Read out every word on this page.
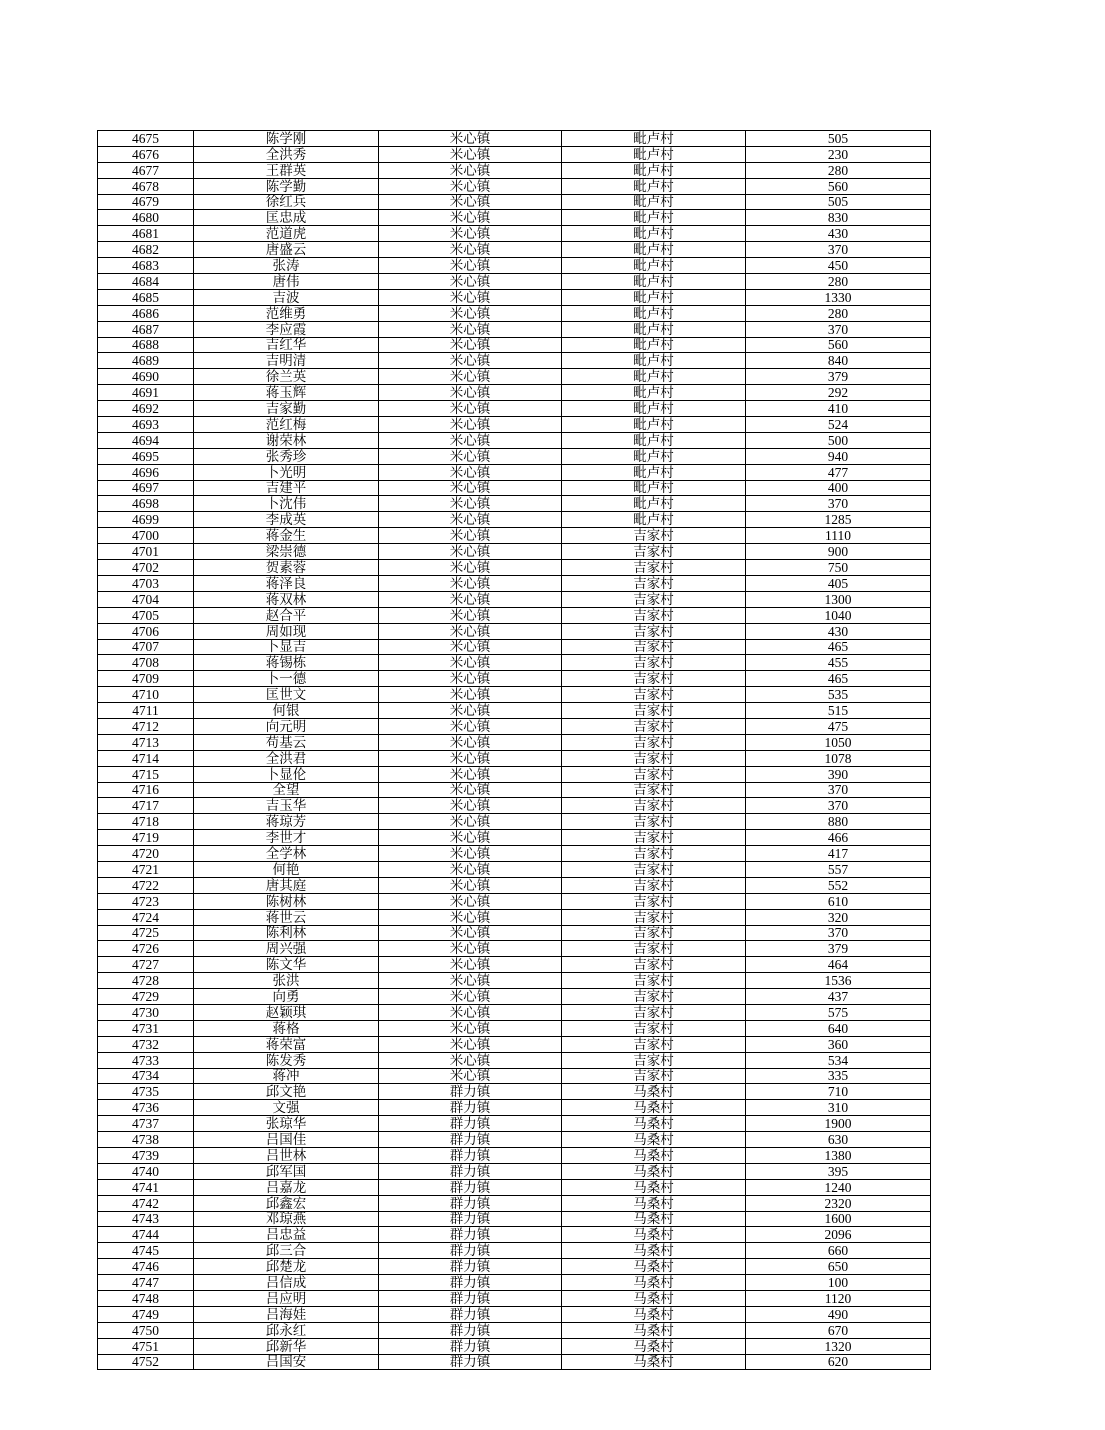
4675	陈学刚	米心镇	毗卢村	505
4676	全洪秀	米心镇	毗卢村	230
4677	王群英	米心镇	毗卢村	280
4678	陈学勤	米心镇	毗卢村	560
4679	徐红兵	米心镇	毗卢村	505
4680	匡忠成	米心镇	毗卢村	830
4681	范道虎	米心镇	毗卢村	430
4682	唐盛云	米心镇	毗卢村	370
4683	张涛	米心镇	毗卢村	450
4684	唐伟	米心镇	毗卢村	280
4685	吉波	米心镇	毗卢村	1330
4686	范维勇	米心镇	毗卢村	280
4687	李应霞	米心镇	毗卢村	370
4688	吉红华	米心镇	毗卢村	560
4689	吉明清	米心镇	毗卢村	840
4690	徐兰英	米心镇	毗卢村	379
4691	蒋玉辉	米心镇	毗卢村	292
4692	吉家勤	米心镇	毗卢村	410
4693	范红梅	米心镇	毗卢村	524
4694	谢荣林	米心镇	毗卢村	500
4695	张秀珍	米心镇	毗卢村	940
4696	卜光明	米心镇	毗卢村	477
4697	吉建平	米心镇	毗卢村	400
4698	卜沈伟	米心镇	毗卢村	370
4699	李成英	米心镇	毗卢村	1285
4700	蒋金生	米心镇	吉家村	1110
4701	梁崇德	米心镇	吉家村	900
4702	贺素蓉	米心镇	吉家村	750
4703	蒋泽良	米心镇	吉家村	405
4704	蒋双林	米心镇	吉家村	1300
4705	赵合平	米心镇	吉家村	1040
4706	周如现	米心镇	吉家村	430
4707	卜显吉	米心镇	吉家村	465
4708	蒋锡栋	米心镇	吉家村	455
4709	卜一德	米心镇	吉家村	465
4710	匡世文	米心镇	吉家村	535
4711	何银	米心镇	吉家村	515
4712	向元明	米心镇	吉家村	475
4713	苟基云	米心镇	吉家村	1050
4714	全洪君	米心镇	吉家村	1078
4715	卜显伦	米心镇	吉家村	390
4716	全望	米心镇	吉家村	370
4717	吉玉华	米心镇	吉家村	370
4718	蒋琼芳	米心镇	吉家村	880
4719	李世才	米心镇	吉家村	466
4720	全学林	米心镇	吉家村	417
4721	何艳	米心镇	吉家村	557
4722	唐其庭	米心镇	吉家村	552
4723	陈树林	米心镇	吉家村	610
4724	蒋世云	米心镇	吉家村	320
4725	陈利林	米心镇	吉家村	370
4726	周兴强	米心镇	吉家村	379
4727	陈文华	米心镇	吉家村	464
4728	张洪	米心镇	吉家村	1536
4729	向勇	米心镇	吉家村	437
4730	赵颖琪	米心镇	吉家村	575
4731	蒋格	米心镇	吉家村	640
4732	蒋荣富	米心镇	吉家村	360
4733	陈发秀	米心镇	吉家村	534
4734	蒋冲	米心镇	吉家村	335
4735	邱文艳	群力镇	马桑村	710
4736	文强	群力镇	马桑村	310
4737	张琼华	群力镇	马桑村	1900
4738	吕国佳	群力镇	马桑村	630
4739	吕世林	群力镇	马桑村	1380
4740	邱军国	群力镇	马桑村	395
4741	吕嘉龙	群力镇	马桑村	1240
4742	邱鑫宏	群力镇	马桑村	2320
4743	邓琼燕	群力镇	马桑村	1600
4744	吕忠益	群力镇	马桑村	2096
4745	邱三合	群力镇	马桑村	660
4746	邱楚龙	群力镇	马桑村	650
4747	吕信成	群力镇	马桑村	100
4748	吕应明	群力镇	马桑村	1120
4749	吕海娃	群力镇	马桑村	490
4750	邱永红	群力镇	马桑村	670
4751	邱新华	群力镇	马桑村	1320
4752	吕国安	群力镇	马桑村	620
